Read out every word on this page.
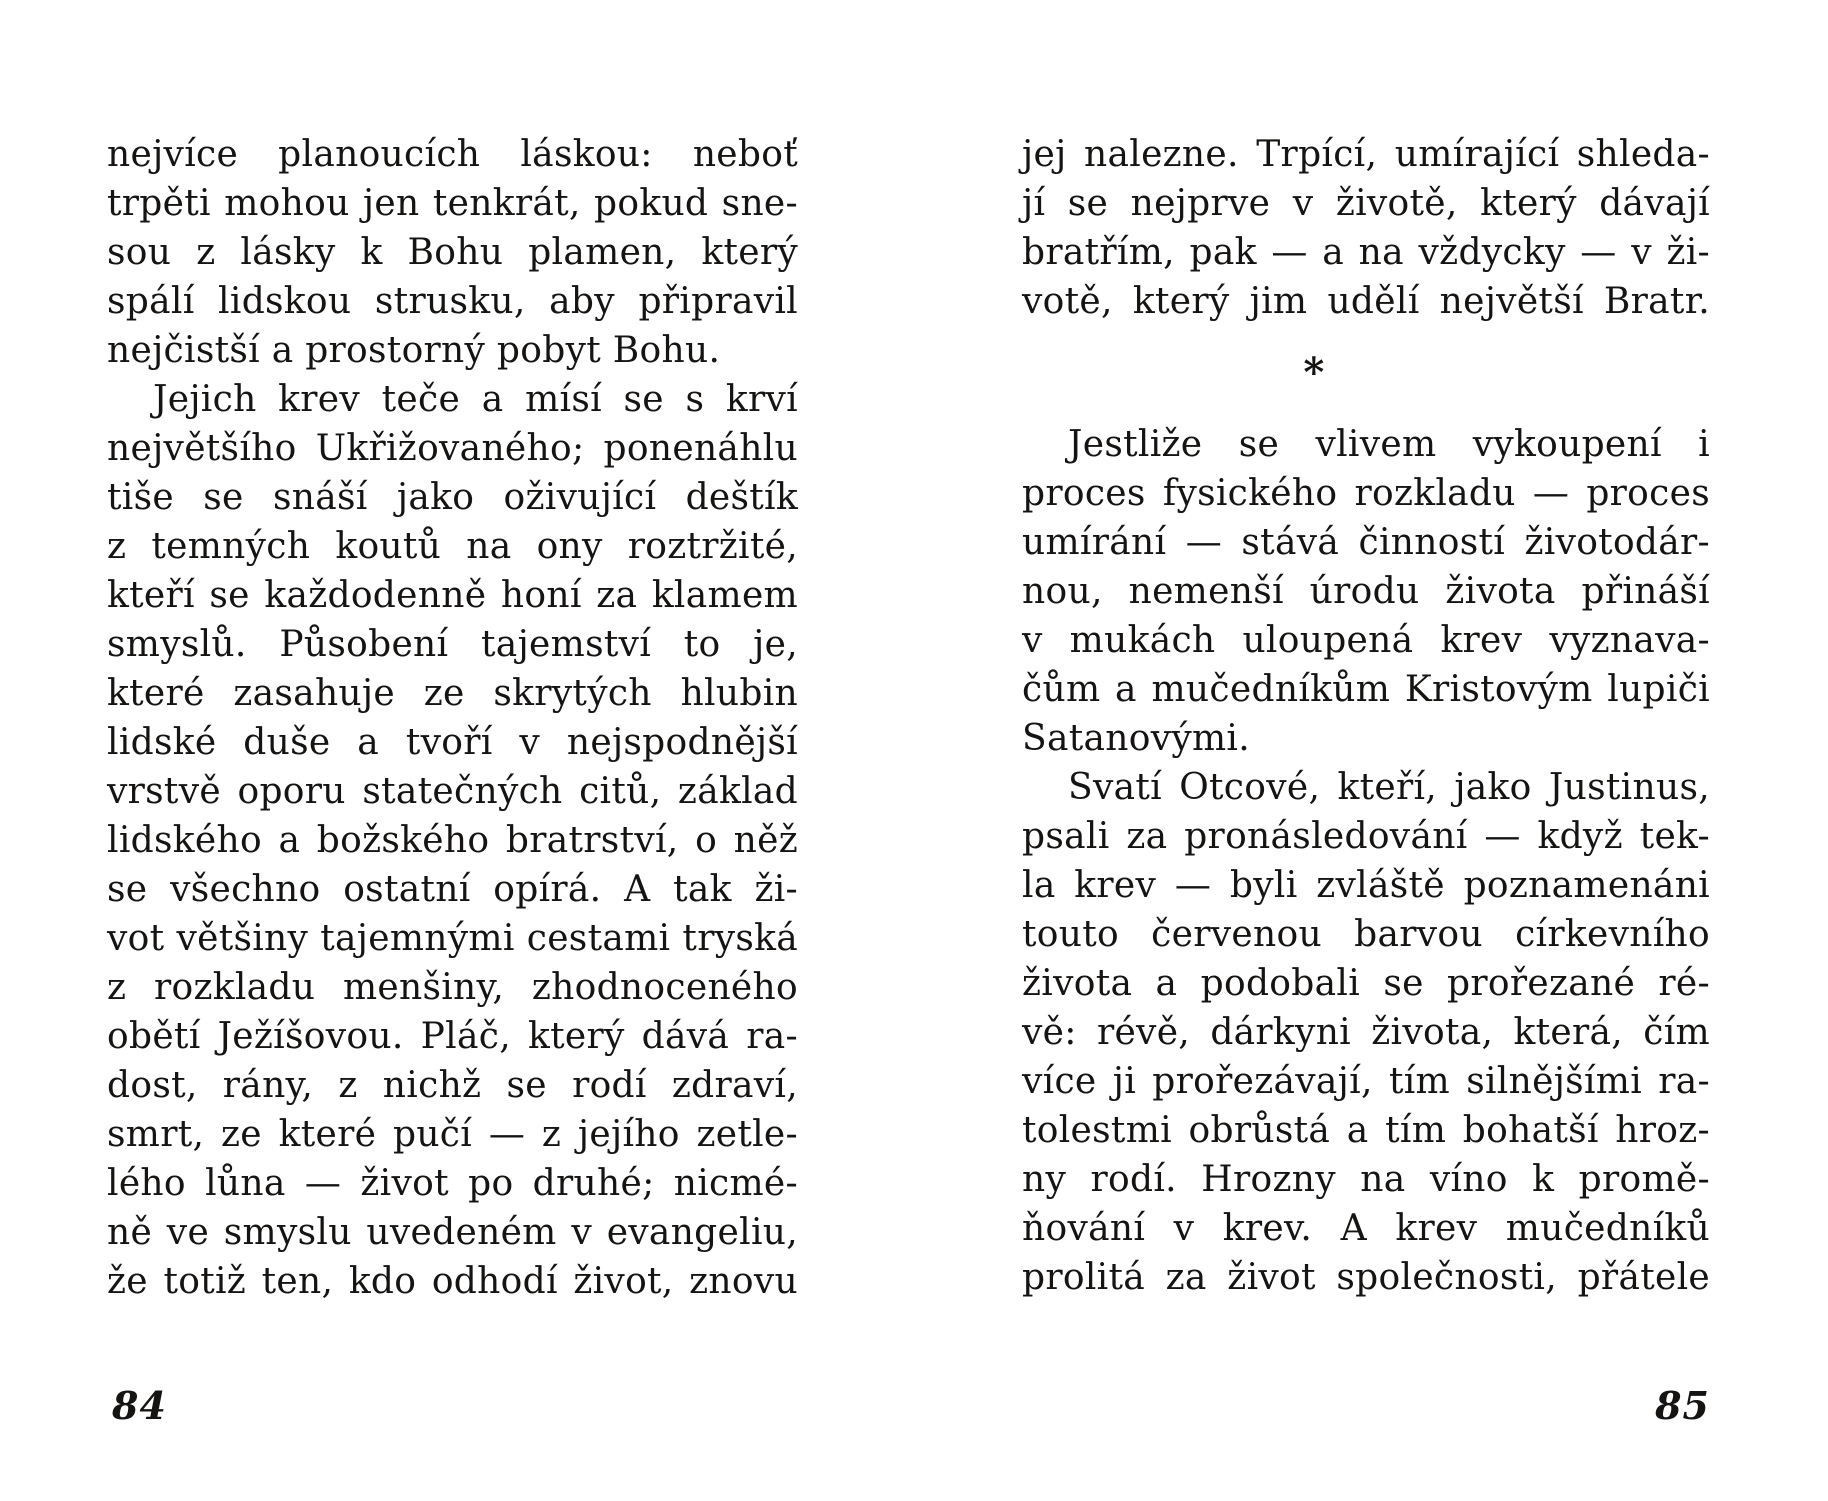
nejvíce planoucích láskou: neboť
trpěti mohou jen tenkrát, pokud sne-
sou z lásky k Bohu plamen, který
spálí lidskou strusku, aby připravil
nejčistší a prostorný pobyt Bohu.
Jejich krev teče a mísí se s krví
největšího Ukřižovaného; ponenáhlu
tiše se snáší jako oživující deštík
z temných koutů na ony roztržité,
kteří se každodenně honí za klamem
smyslů. Působení tajemství to je,
které zasahuje ze skrytých hlubin
lidské duše a tvoří v nejspodnější
vrstvě oporu statečných citů, základ
lidského a božského bratrství, o něž
se všechno ostatní opírá. A tak ži-
vot většiny tajemnými cestami tryská
z rozkladu menšiny, zhodnoceného
obětí Ježíšovou. Pláč, který dává ra-
dost, rány, z nichž se rodí zdraví,
smrt, ze které pučí — z jejího zetle-
lého lůna — život po druhé; nicmé-
ně ve smyslu uvedeném v evangeliu,
že totiž ten, kdo odhodí život, znovu
jej nalezne. Trpící, umírající shleda-
jí se nejprve v životě, který dávají
bratřím, pak — a na vždycky — v ži-
votě, který jim udělí největší Bratr.
*
Jestliže se vlivem vykoupení i
proces fysického rozkladu — proces
umírání — stává činností životodár-
nou, nemenší úrodu života přináší
v mukách uloupená krev vyznava-
čům a mučedníkům Kristovým lupiči
Satanovými.
Svatí Otcové, kteří, jako Justinus,
psali za pronásledování — když tek-
la krev — byli zvláště poznamenáni
touto červenou barvou církevního
života a podobali se prořezané ré-
vě: révě, dárkyni života, která, čím
více ji prořezávají, tím silnějšími ra-
tolestmi obrůstá a tím bohatší hroz-
ny rodí. Hrozny na víno k promě-
ňování v krev. A krev mučedníků
prolitá za život společnosti, přátele
84	85
